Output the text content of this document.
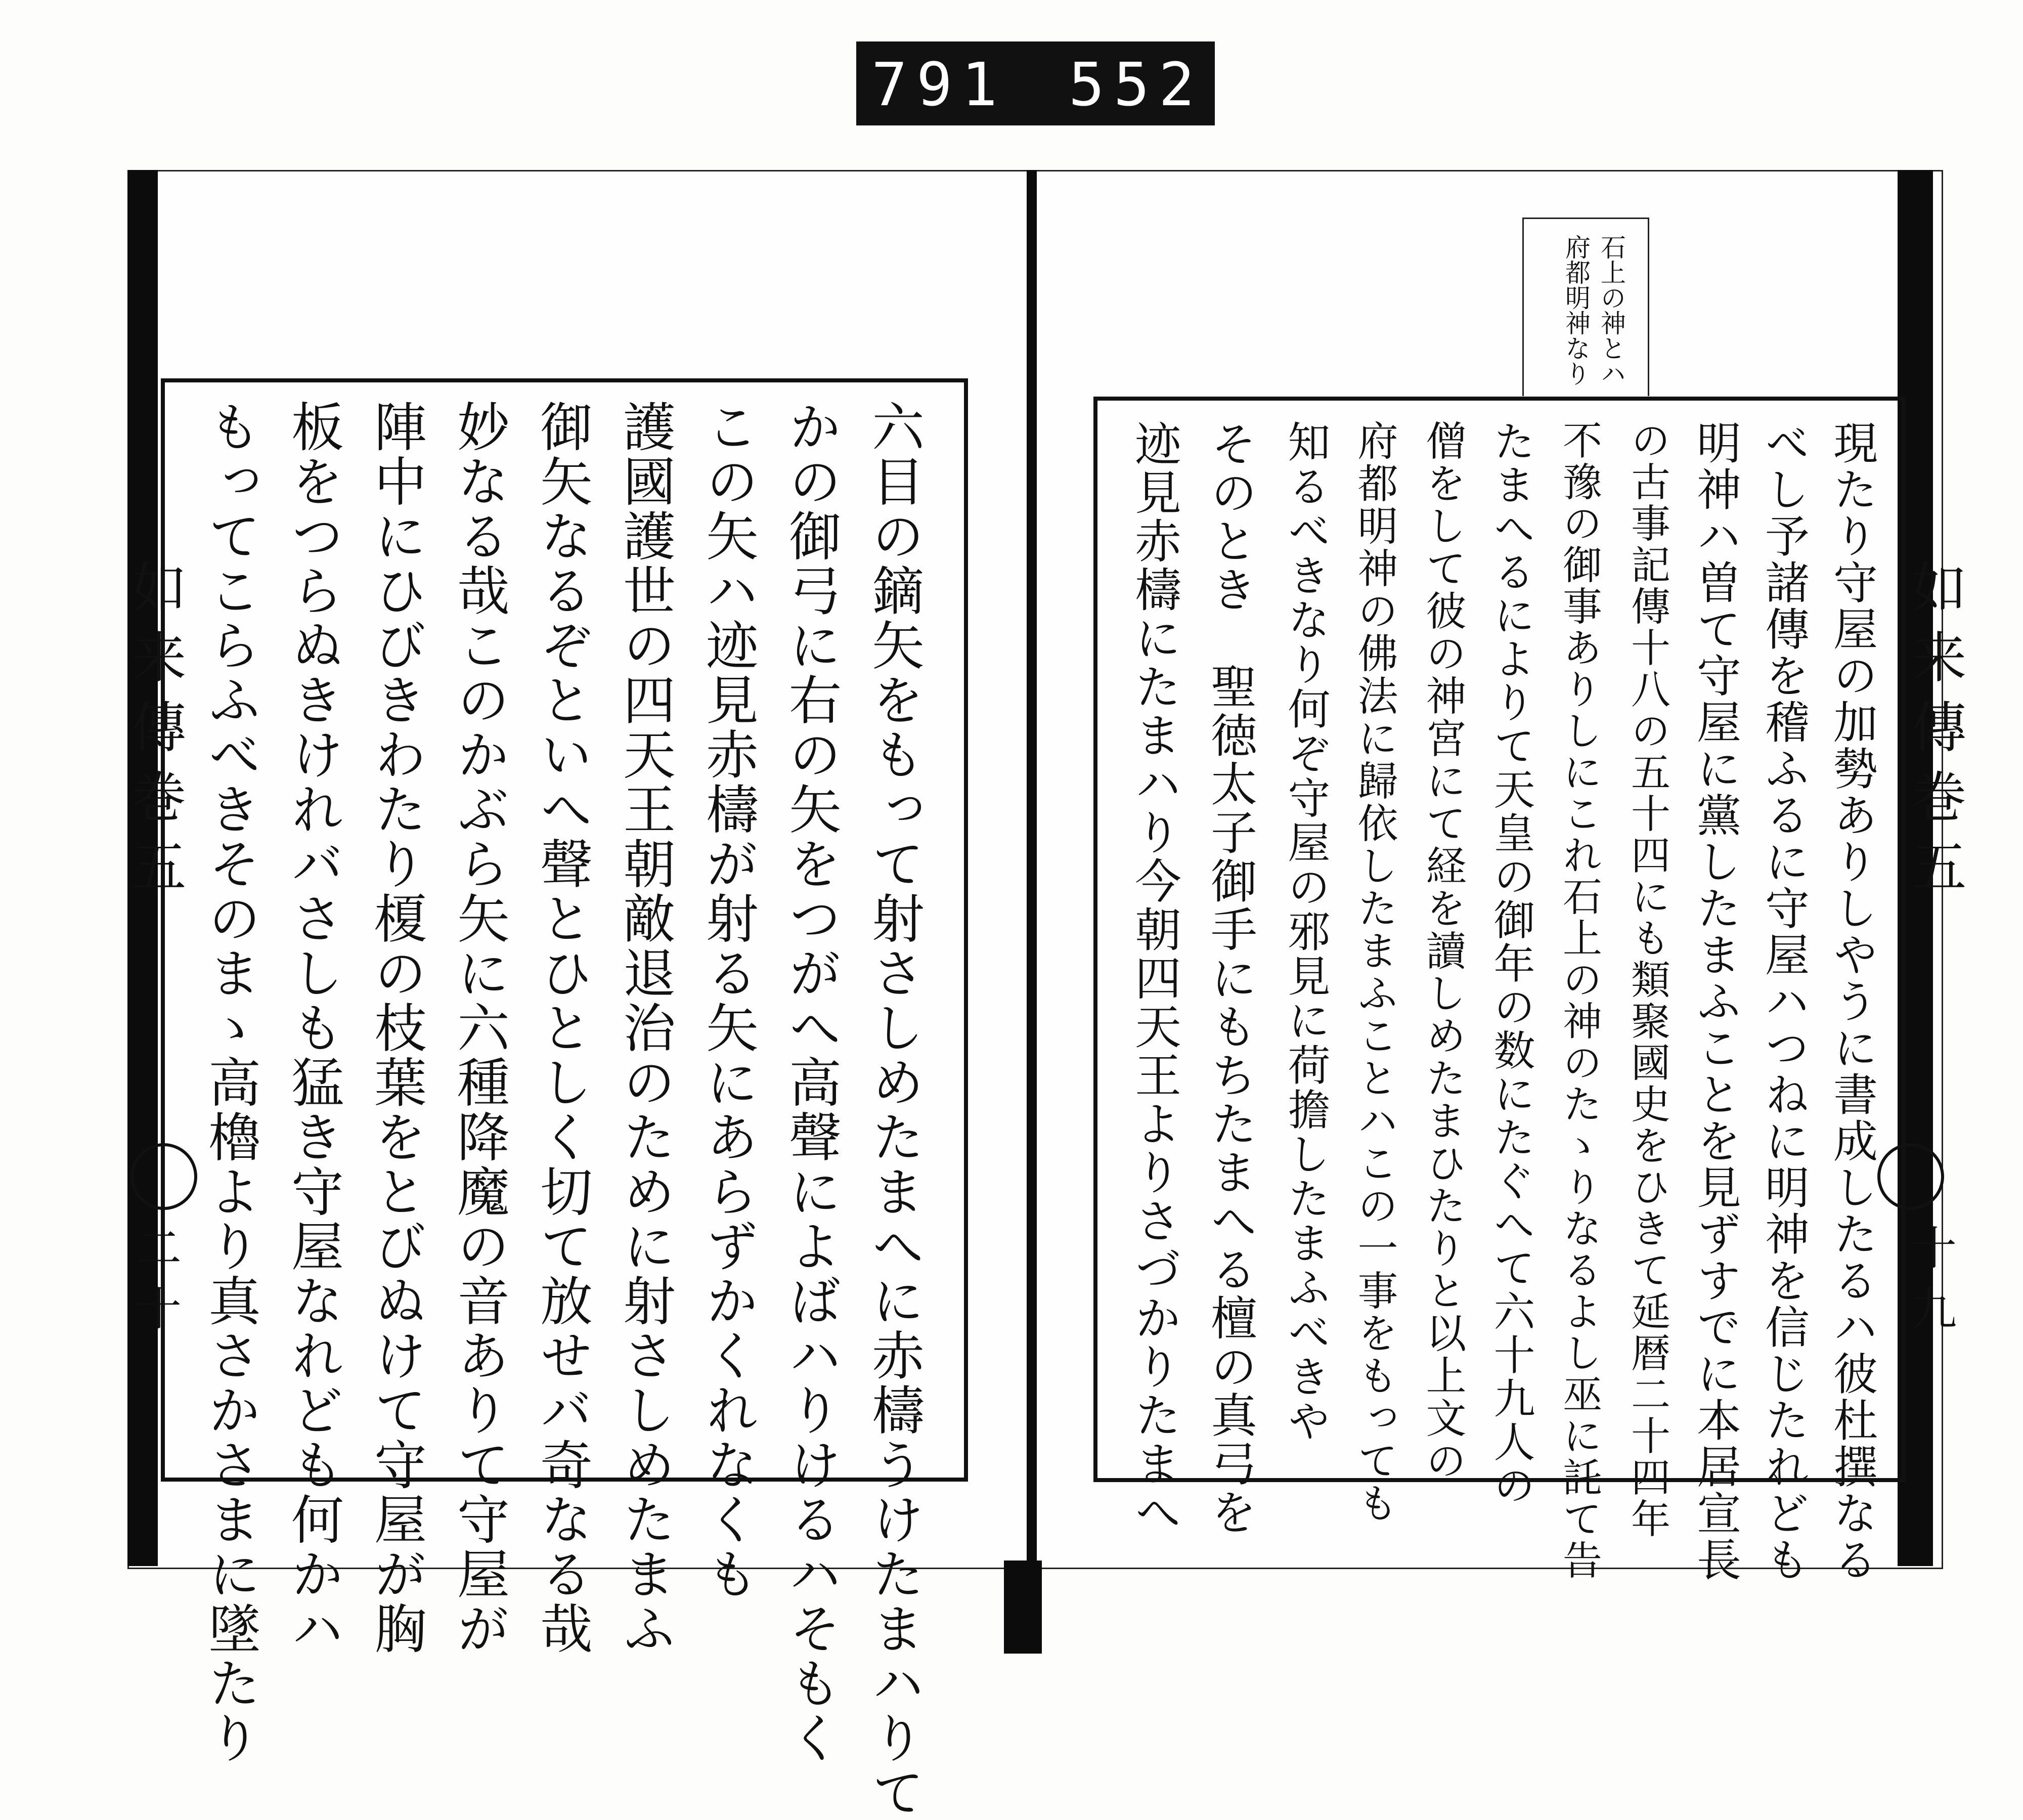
791 552
如来傳巻五
二十
如来傳巻五
十九
石上の神とハ
府都明神なり
六目の鏑矢をもって射さしめたまへに赤檮うけたまハりて
かの御弓に右の矢をつがへ高聲によばハりけるハそもく
この矢ハ迹見赤檮が射る矢にあらずかくれなくも
護國護世の四天王朝敵退治のために射さしめたまふ
御矢なるぞといへ聲とひとしく切て放せバ奇なる哉
妙なる哉このかぶら矢に六種降魔の音ありて守屋が
陣中にひびきわたり榎の枝葉をとびぬけて守屋が胸
板をつらぬきけれバさしも猛き守屋なれども何かハ
もってこらふべきそのまゝ高櫓より真さかさまに墜たり	現たり守屋の加勢ありしやうに書成したるハ彼杜撰なる
べし予諸傳を稽ふるに守屋ハつねに明神を信じたれども
明神ハ曽て守屋に黨したまふことを見ずすでに本居宣長
の古事記傳十八の五十四にも類聚國史をひきて延暦二十四年
不豫の御事ありしにこれ石上の神のたゝりなるよし巫に託て告
たまへるによりて天皇の御年の数にたぐへて六十九人の
僧をして彼の神宮にて経を讀しめたまひたりと以上文の
府都明神の佛法に歸依したまふことハこの一事をもっても
知るべきなり何ぞ守屋の邪見に荷擔したまふべきや
そのとき　聖徳太子御手にもちたまへる檀の真弓を
迹見赤檮にたまハり今朝四天王よりさづかりたまへ
